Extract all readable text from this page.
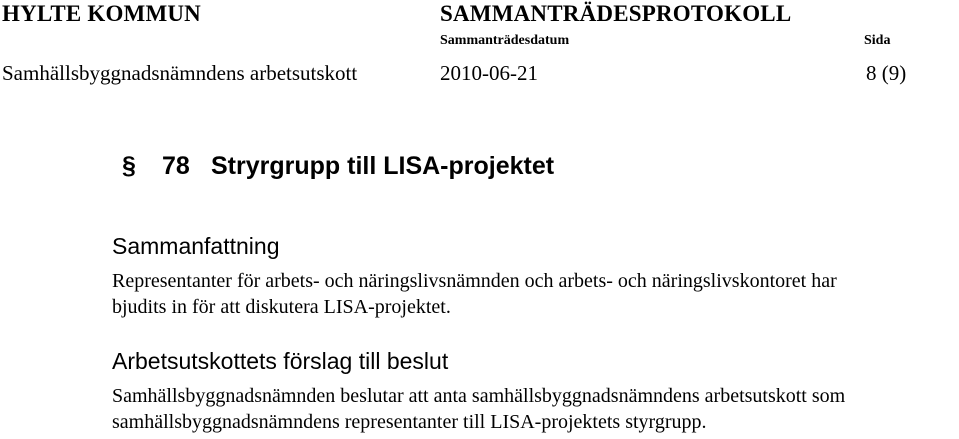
HYLTE KOMMUN	SAMMANTRÄDESPROTOKOLL
Sammanträdesdatum	Sida
Samhällsbyggnadsnämndens arbetsutskott	2010-06-21	8 (9)
§ 78 Stryrgrupp till LISA-projektet
Sammanfattning
Representanter för arbets- och näringslivsnämnden och arbets- och näringslivskontoret har
bjudits in för att diskutera LISA-projektet.
Arbetsutskottets förslag till beslut
Samhällsbyggnadsnämnden beslutar att anta samhällsbyggnadsnämndens arbetsutskott som
samhällsbyggnadsnämndens representanter till LISA-projektets styrgrupp.
